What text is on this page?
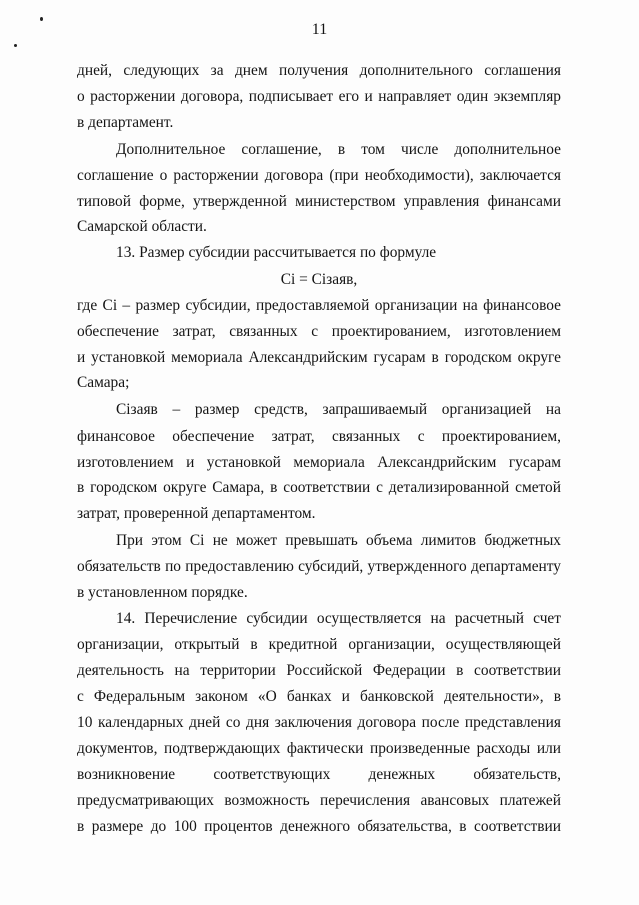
11
дней, следующих за днем получения дополнительного соглашения
о расторжении договора, подписывает его и направляет один экземпляр
в департамент.
Дополнительное соглашение, в том числе дополнительное
соглашение о расторжении договора (при необходимости), заключается
типовой форме, утвержденной министерством управления финансами
Самарской области.
13. Размер субсидии рассчитывается по формуле
Ci = Ciзаяв,
где Ci – размер субсидии, предоставляемой организации на финансовое
обеспечение затрат, связанных с проектированием, изготовлением
и установкой мемориала Александрийским гусарам в городском округе
Самара;
Ciзаяв – размер средств, запрашиваемый организацией на
финансовое обеспечение затрат, связанных с проектированием,
изготовлением и установкой мемориала Александрийским гусарам
в городском округе Самара, в соответствии с детализированной сметой
затрат, проверенной департаментом.
При этом Ci не может превышать объема лимитов бюджетных
обязательств по предоставлению субсидий, утвержденного департаменту
в установленном порядке.
14. Перечисление субсидии осуществляется на расчетный счет
организации, открытый в кредитной организации, осуществляющей
деятельность на территории Российской Федерации в соответствии
с Федеральным законом «О банках и банковской деятельности», в
10 календарных дней со дня заключения договора после представления
документов, подтверждающих фактически произведенные расходы или
возникновение соответствующих денежных обязательств,
предусматривающих возможность перечисления авансовых платежей
в размере до 100 процентов денежного обязательства, в соответствии
